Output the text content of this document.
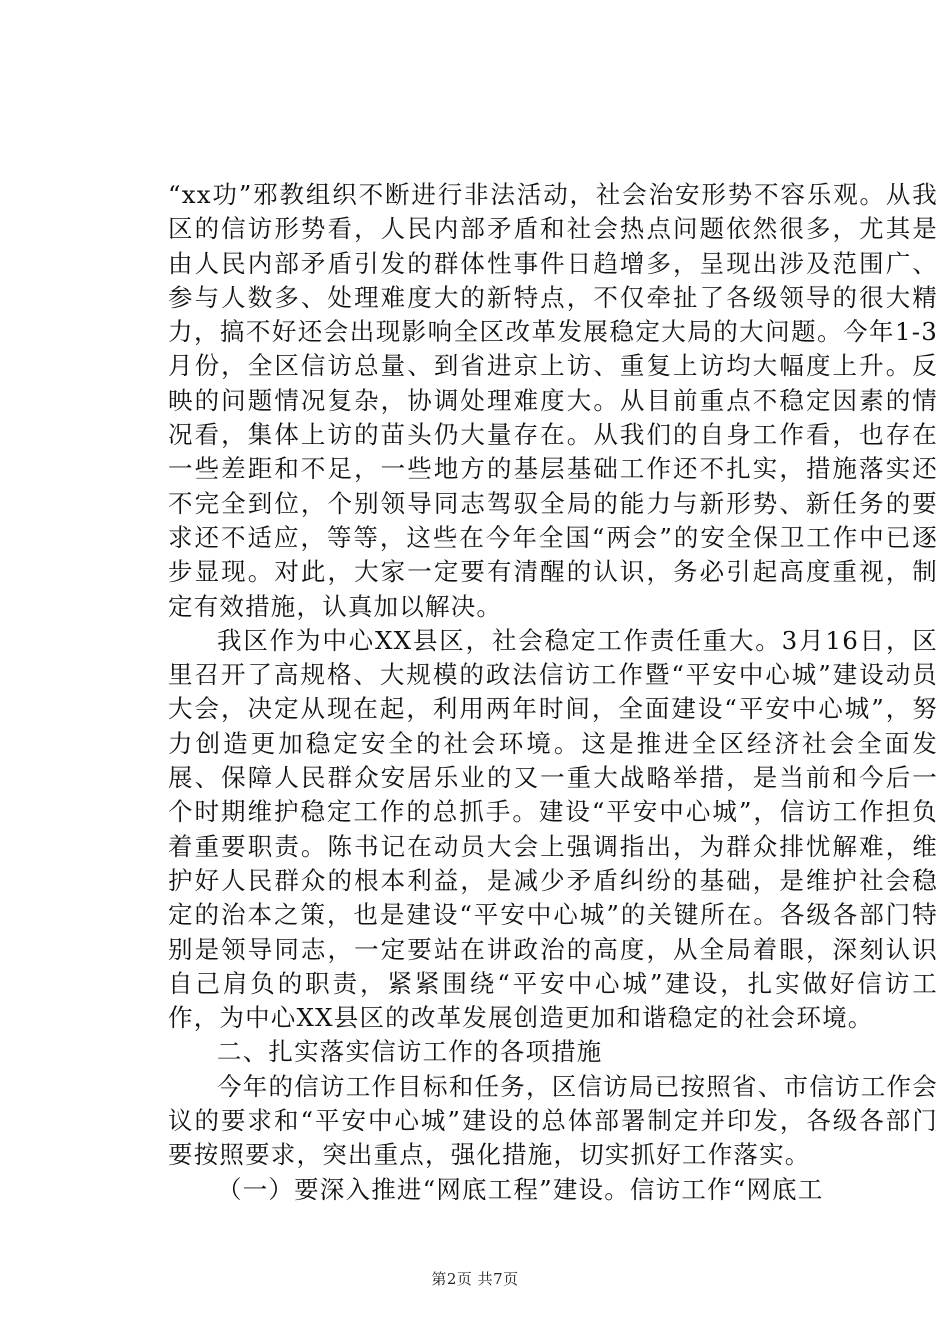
“xx功”邪教组织不断进行非法活动，社会治安形势不容乐观。从我区的信访形势看，人民内部矛盾和社会热点问题依然很多，尤其是由人民内部矛盾引发的群体性事件日趋增多，呈现出涉及范围广、参与人数多、处理难度大的新特点，不仅牵扯了各级领导的很大精力，搞不好还会出现影响全区改革发展稳定大局的大问题。今年1-3月份，全区信访总量、到省进京上访、重复上访均大幅度上升。反映的问题情况复杂，协调处理难度大。从目前重点不稳定因素的情况看，集体上访的苗头仍大量存在。从我们的自身工作看，也存在一些差距和不足，一些地方的基层基础工作还不扎实，措施落实还不完全到位，个别领导同志驾驭全局的能力与新形势、新任务的要求还不适应，等等，这些在今年全国“两会”的安全保卫工作中已逐步显现。对此，大家一定要有清醒的认识，务必引起高度重视，制定有效措施，认真加以解决。

我区作为中心XX县区，社会稳定工作责任重大。3月16日，区里召开了高规格、大规模的政法信访工作暨“平安中心城”建设动员大会，决定从现在起，利用两年时间，全面建设“平安中心城”，努力创造更加稳定安全的社会环境。这是推进全区经济社会全面发展、保障人民群众安居乐业的又一重大战略举措，是当前和今后一个时期维护稳定工作的总抓手。建设“平安中心城”，信访工作担负着重要职责。陈书记在动员大会上强调指出，为群众排忧解难，维护好人民群众的根本利益，是减少矛盾纠纷的基础，是维护社会稳定的治本之策，也是建设“平安中心城”的关键所在。各级各部门特别是领导同志，一定要站在讲政治的高度，从全局着眼，深刻认识自己肩负的职责，紧紧围绕“平安中心城”建设，扎实做好信访工作，为中心XX县区的改革发展创造更加和谐稳定的社会环境。

二、扎实落实信访工作的各项措施

今年的信访工作目标和任务，区信访局已按照省、市信访工作会议的要求和“平安中心城”建设的总体部署制定并印发，各级各部门要按照要求，突出重点，强化措施，切实抓好工作落实。

（一）要深入推进“网底工程”建设。信访工作“网底工

第2页 共7页
